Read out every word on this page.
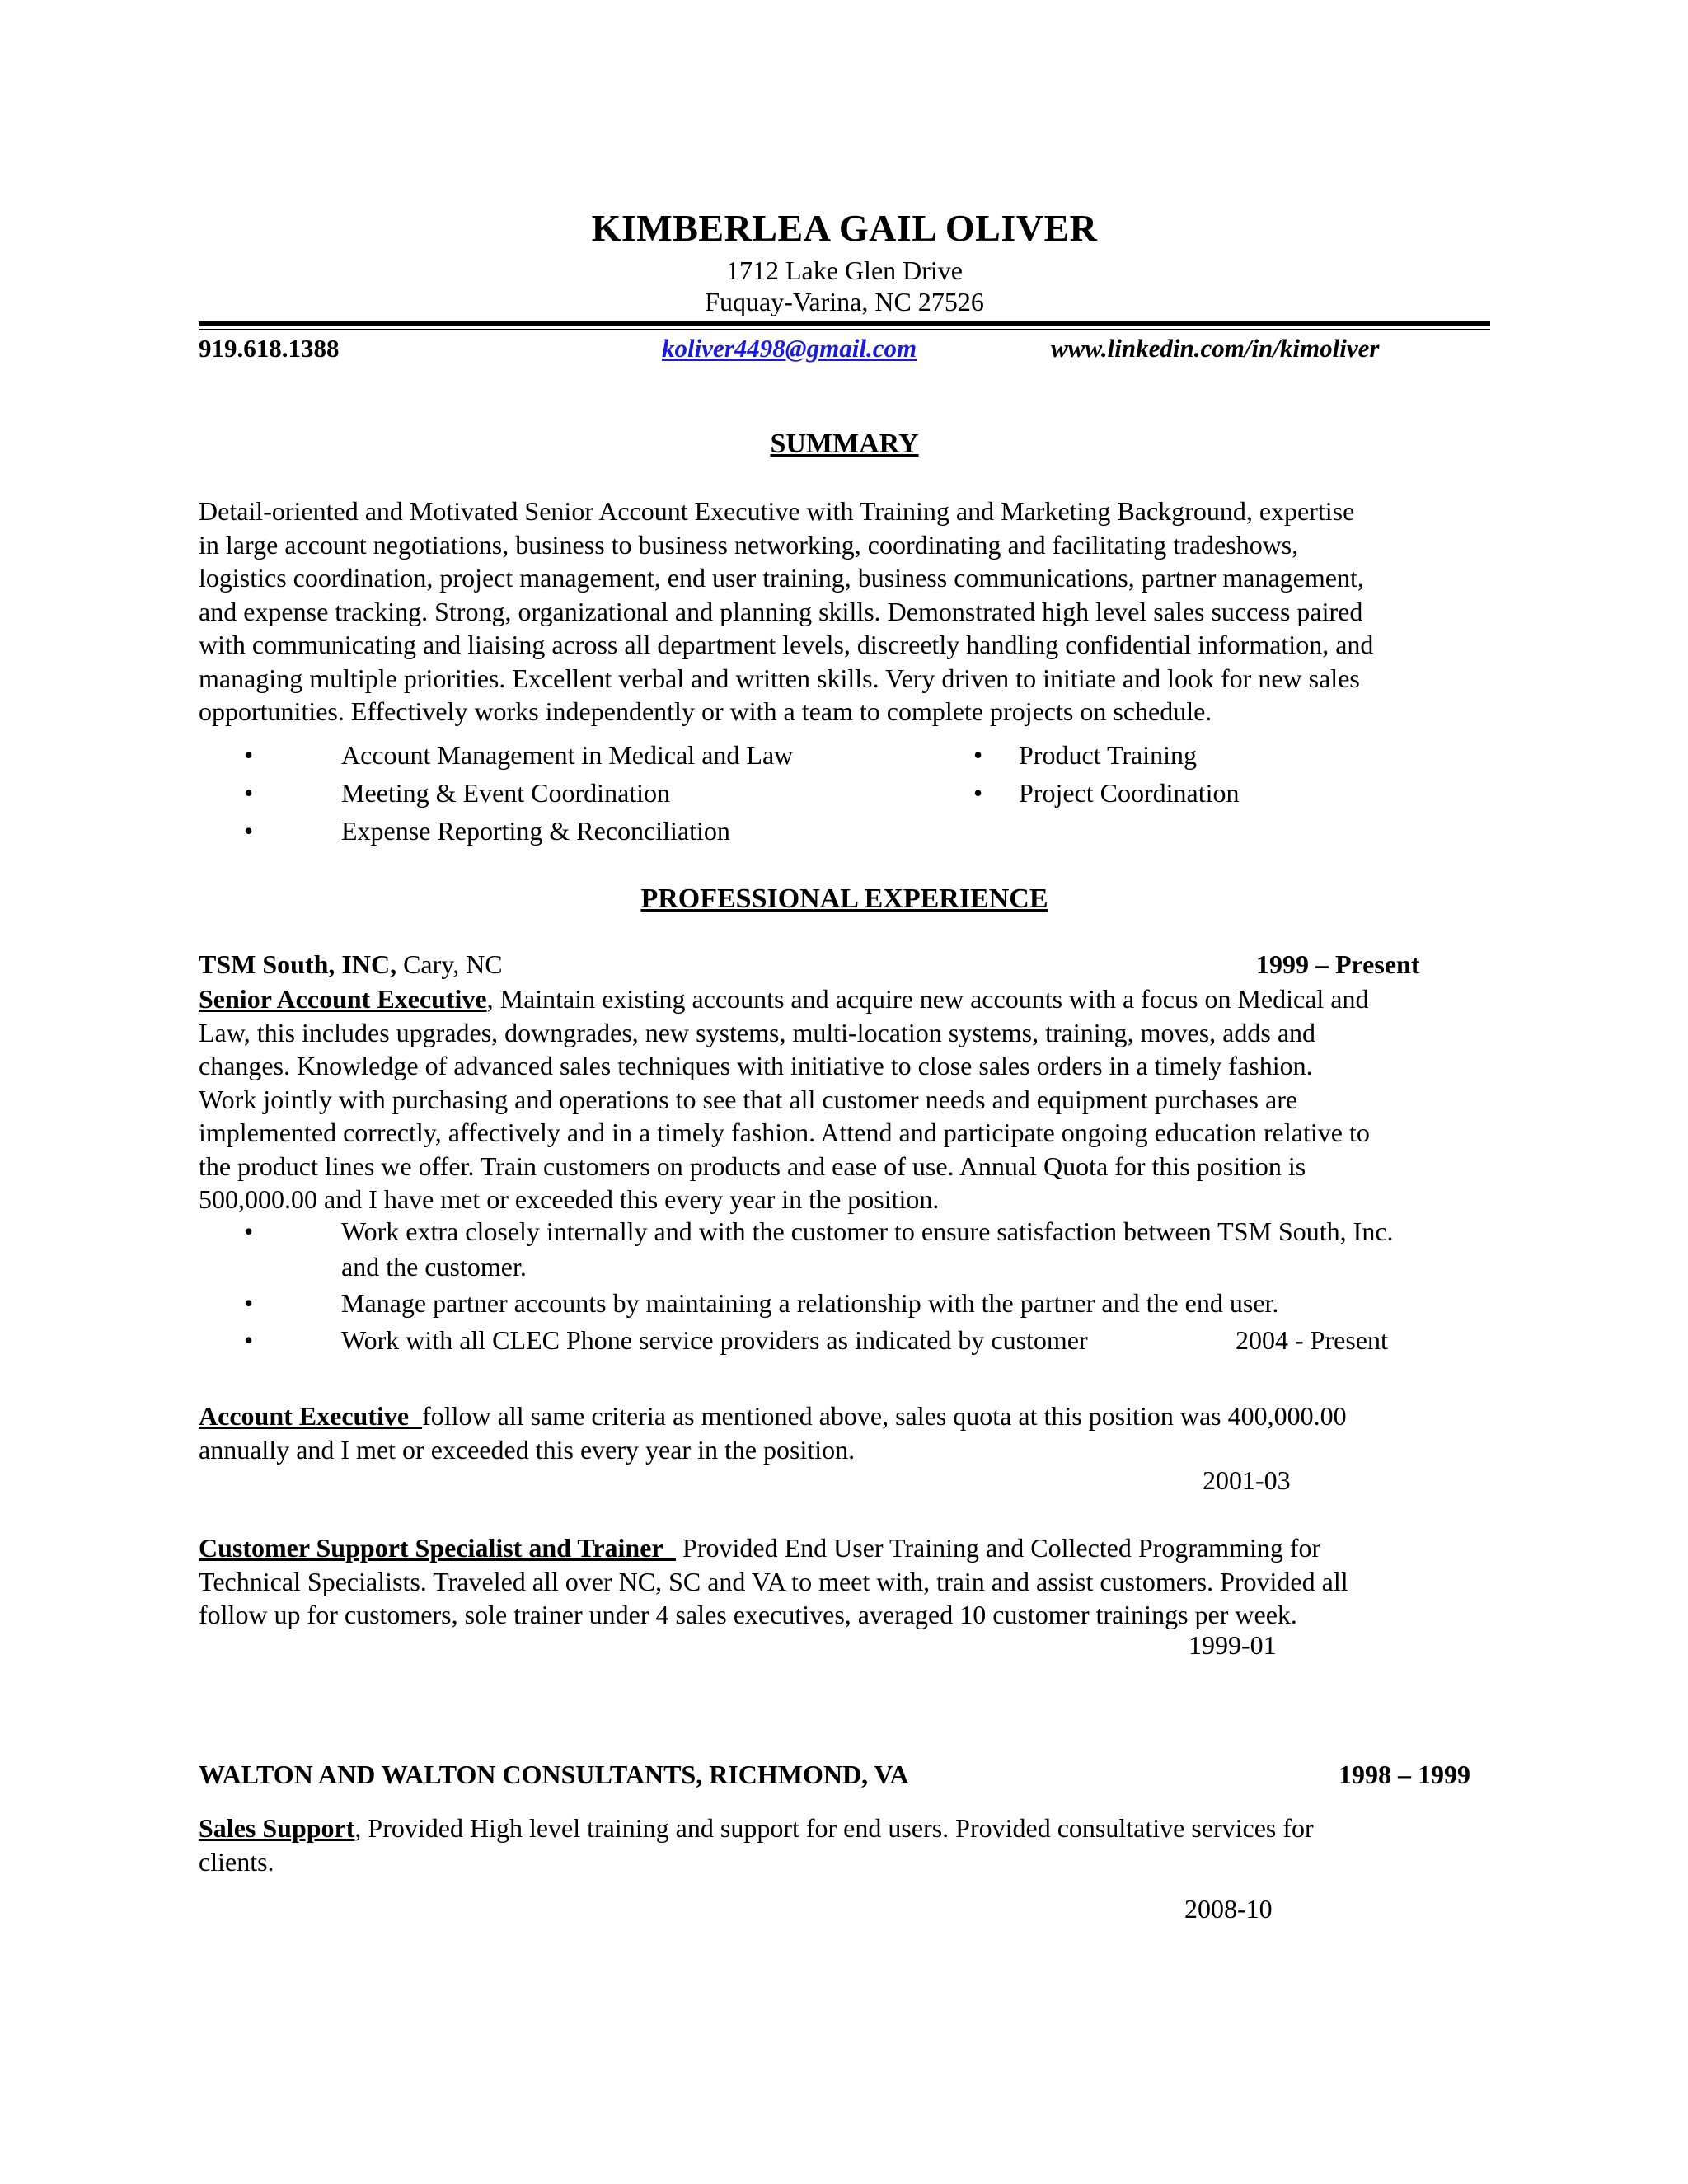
KIMBERLEA GAIL OLIVER
1712 Lake Glen Drive
Fuquay-Varina, NC 27526
919.618.1388	koliver4498@gmail.com	www.linkedin.com/in/kimoliver
SUMMARY
Detail-oriented and Motivated Senior Account Executive with Training and Marketing Background, expertise
in large account negotiations, business to business networking, coordinating and facilitating tradeshows,
logistics coordination, project management, end user training, business communications, partner management,
and expense tracking. Strong, organizational and planning skills. Demonstrated high level sales success paired
with communicating and liaising across all department levels, discreetly handling confidential information, and
managing multiple priorities. Excellent verbal and written skills. Very driven to initiate and look for new sales
opportunities. Effectively works independently or with a team to complete projects on schedule.
•	Account Management in Medical and Law
•	Meeting & Event Coordination
•	Expense Reporting & Reconciliation
• Product Training
• Project Coordination
PROFESSIONAL EXPERIENCE
TSM South, INC, Cary, NC	1999 – Present
Senior Account Executive, Maintain existing accounts and acquire new accounts with a focus on Medical and
Law, this includes upgrades, downgrades, new systems, multi-location systems, training, moves, adds and
changes. Knowledge of advanced sales techniques with initiative to close sales orders in a timely fashion.
Work jointly with purchasing and operations to see that all customer needs and equipment purchases are
implemented correctly, affectively and in a timely fashion. Attend and participate ongoing education relative to
the product lines we offer. Train customers on products and ease of use. Annual Quota for this position is
500,000.00 and I have met or exceeded this every year in the position.
•	Work extra closely internally and with the customer to ensure satisfaction between TSM South, Inc.
and the customer.
•	Manage partner accounts by maintaining a relationship with the partner and the end user.
•	Work with all CLEC Phone service providers as indicated by customer	2004 - Present
Account Executive  follow all same criteria as mentioned above, sales quota at this position was 400,000.00
annually and I met or exceeded this every year in the position.
2001-03
Customer Support Specialist and Trainer   Provided End User Training and Collected Programming for
Technical Specialists. Traveled all over NC, SC and VA to meet with, train and assist customers. Provided all
follow up for customers, sole trainer under 4 sales executives, averaged 10 customer trainings per week.
1999-01
WALTON AND WALTON CONSULTANTS, RICHMOND, VA	1998 – 1999
Sales Support, Provided High level training and support for end users. Provided consultative services for
clients.
2008-10
